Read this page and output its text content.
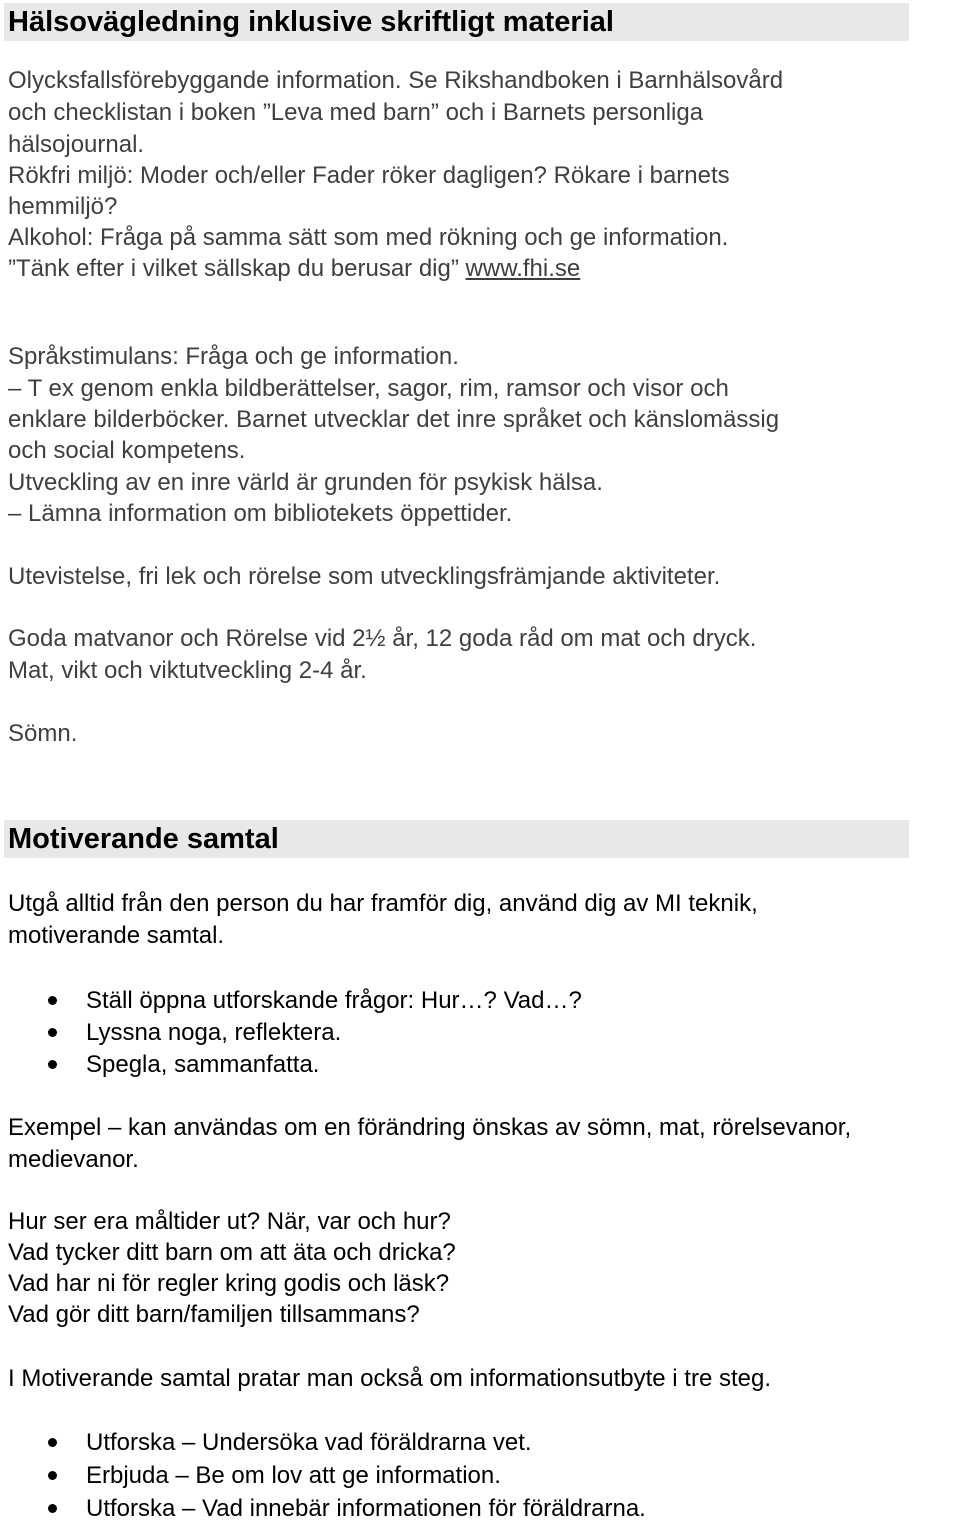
Hälsovägledning inklusive skriftligt material
Olycksfallsförebyggande information. Se Rikshandboken i Barnhälsovård
och checklistan i boken ”Leva med barn” och i Barnets personliga
hälsojournal.
Rökfri miljö: Moder och/eller Fader röker dagligen? Rökare i barnets
hemmiljö?
Alkohol: Fråga på samma sätt som med rökning och ge information.
”Tänk efter i vilket sällskap du berusar dig” www.fhi.se
Språkstimulans: Fråga och ge information.
– T ex genom enkla bildberättelser, sagor, rim, ramsor och visor och
enklare bilderböcker. Barnet utvecklar det inre språket och känslomässig
och social kompetens.
Utveckling av en inre värld är grunden för psykisk hälsa.
– Lämna information om bibliotekets öppettider.
Utevistelse, fri lek och rörelse som utvecklingsfrämjande aktiviteter.
Goda matvanor och Rörelse vid 2½ år, 12 goda råd om mat och dryck.
Mat, vikt och viktutveckling 2-4 år.
Sömn.
Motiverande samtal
Utgå alltid från den person du har framför dig, använd dig av MI teknik,
motiverande samtal.
Ställ öppna utforskande frågor: Hur…? Vad…?
Lyssna noga, reflektera.
Spegla, sammanfatta.
Exempel – kan användas om en förändring önskas av sömn, mat, rörelsevanor,
medievanor.
Hur ser era måltider ut? När, var och hur?
Vad tycker ditt barn om att äta och dricka?
Vad har ni för regler kring godis och läsk?
Vad gör ditt barn/familjen tillsammans?
I Motiverande samtal pratar man också om informationsutbyte i tre steg.
Utforska – Undersöka vad föräldrarna vet.
Erbjuda – Be om lov att ge information.
Utforska – Vad innebär informationen för föräldrarna.
